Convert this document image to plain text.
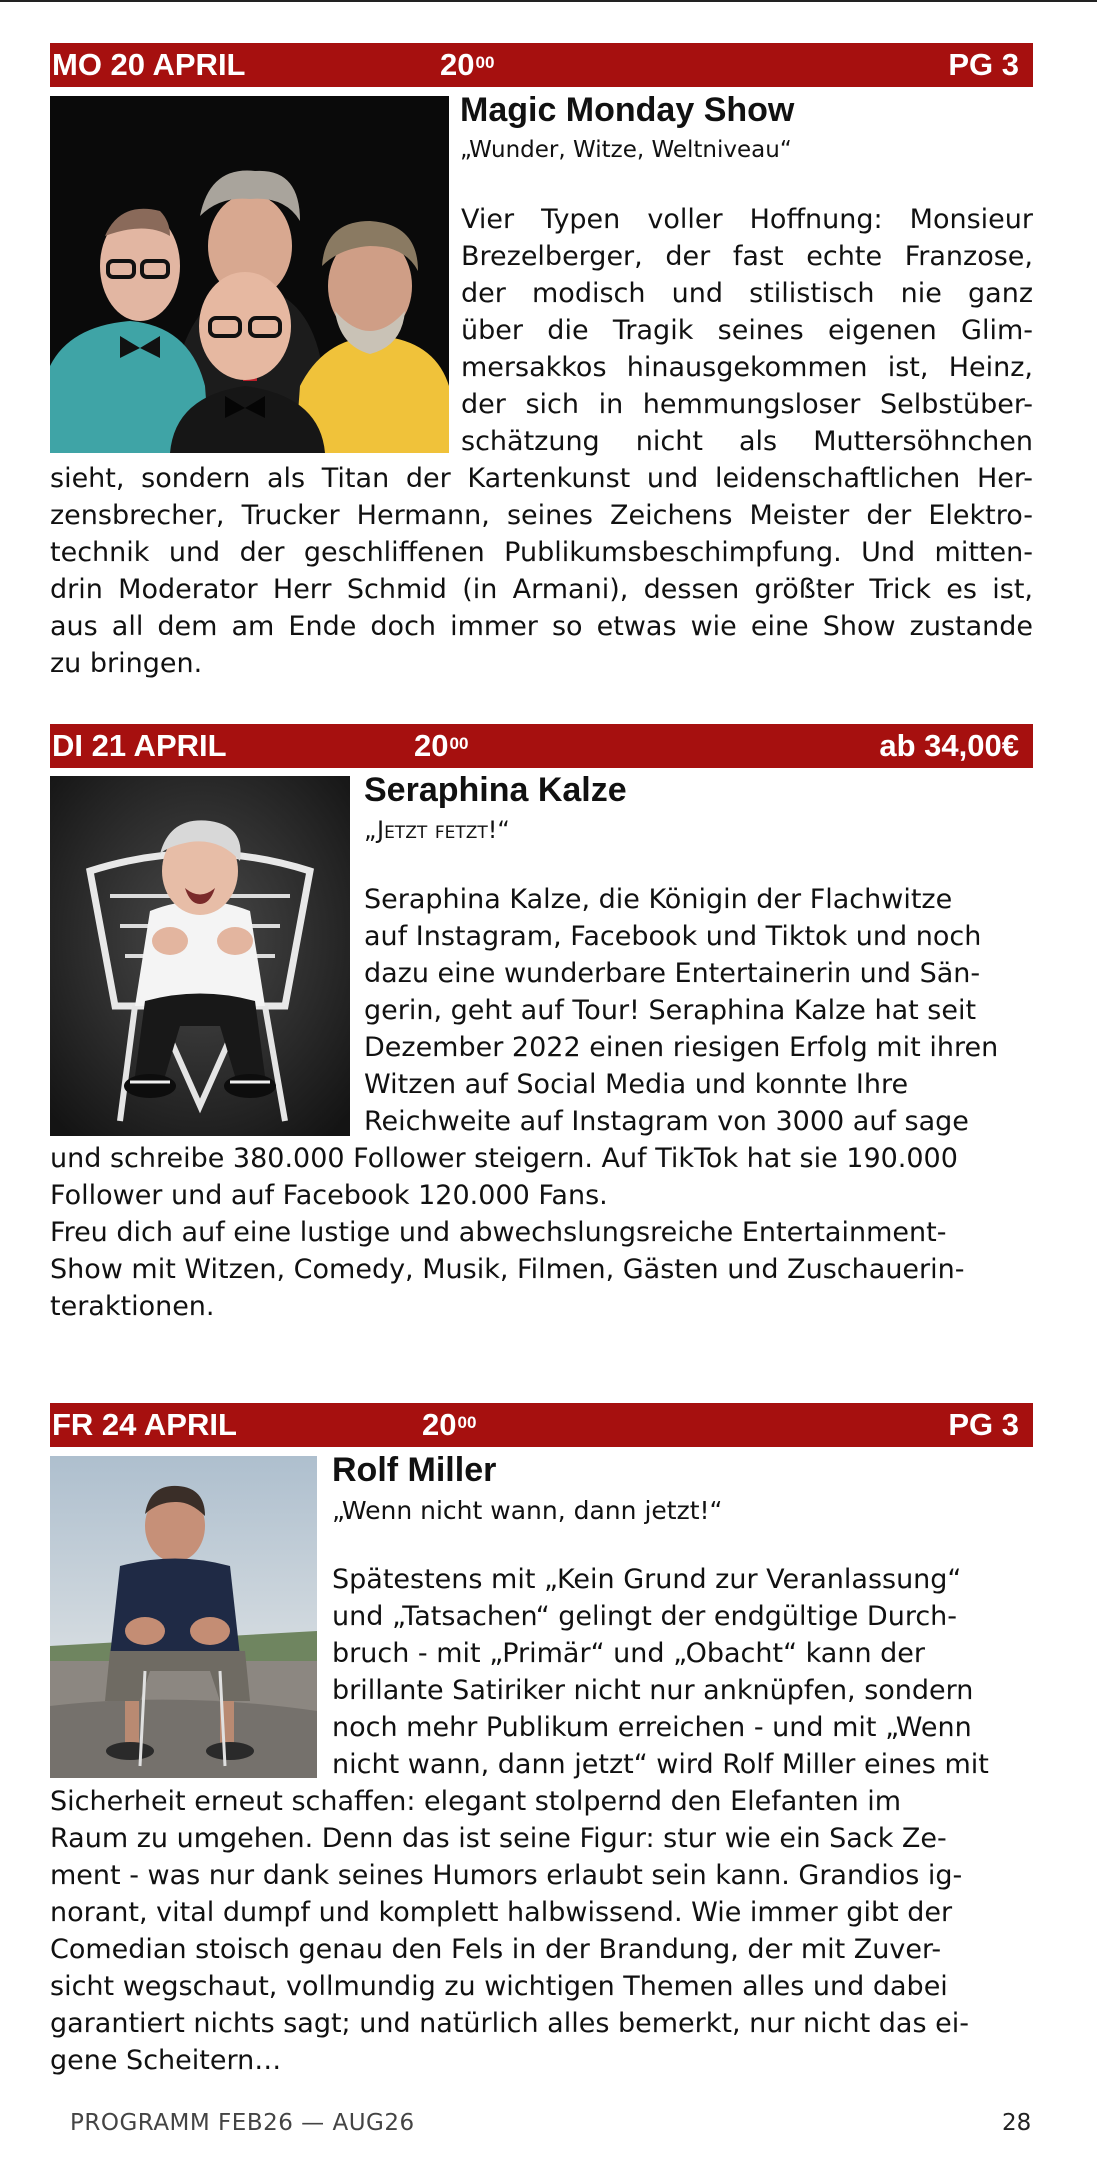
MO 20 APRIL	$20^{00}$	PG 3
Magic Monday Show
„Wunder, Witze, Weltniveau“
Vier Typen voller Hoffnung: Monsieur
Brezelberger, der fast echte Franzose,
der modisch und stilistisch nie ganz
über die Tragik seines eigenen Glim-
mersakkos hinausgekommen ist, Heinz,
der sich in hemmungsloser Selbstüber-
schätzung nicht als Muttersöhnchen
sieht, sondern als Titan der Kartenkunst und leidenschaftlichen Her-
zensbrecher, Trucker Hermann, seines Zeichens Meister der Elektro-
technik und der geschliffenen Publikumsbeschimpfung. Und mitten-
drin Moderator Herr Schmid (in Armani), dessen größter Trick es ist,
aus all dem am Ende doch immer so etwas wie eine Show zustande
zu bringen.
DI 21 APRIL	$20^{00}$	ab 34,00€
Seraphina Kalze
„Jetzt fetzt!“
Seraphina Kalze, die Königin der Flachwitze
auf Instagram, Facebook und Tiktok und noch
dazu eine wunderbare Entertainerin und Sän-
gerin, geht auf Tour! Seraphina Kalze hat seit
Dezember 2022 einen riesigen Erfolg mit ihren
Witzen auf Social Media und konnte Ihre
Reichweite auf Instagram von 3000 auf sage
und schreibe 380.000 Follower steigern. Auf TikTok hat sie 190.000
Follower und auf Facebook 120.000 Fans.
Freu dich auf eine lustige und abwechslungsreiche Entertainment-
Show mit Witzen, Comedy, Musik, Filmen, Gästen und Zuschauerin-
teraktionen.
FR 24 APRIL	$20^{00}$	PG 3
Rolf Miller
„Wenn nicht wann, dann jetzt!“
Spätestens mit „Kein Grund zur Veranlassung“
und „Tatsachen“ gelingt der endgültige Durch-
bruch - mit „Primär“ und „Obacht“ kann der
brillante Satiriker nicht nur anknüpfen, sondern
noch mehr Publikum erreichen - und mit „Wenn
nicht wann, dann jetzt“ wird Rolf Miller eines mit
Sicherheit erneut schaffen: elegant stolpernd den Elefanten im
Raum zu umgehen. Denn das ist seine Figur: stur wie ein Sack Ze-
ment - was nur dank seines Humors erlaubt sein kann. Grandios ig-
norant, vital dumpf und komplett halbwissend. Wie immer gibt der
Comedian stoisch genau den Fels in der Brandung, der mit Zuver-
sicht wegschaut, vollmundig zu wichtigen Themen alles und dabei
garantiert nichts sagt; und natürlich alles bemerkt, nur nicht das ei-
gene Scheitern…
PROGRAMM FEB26 — AUG26	28
